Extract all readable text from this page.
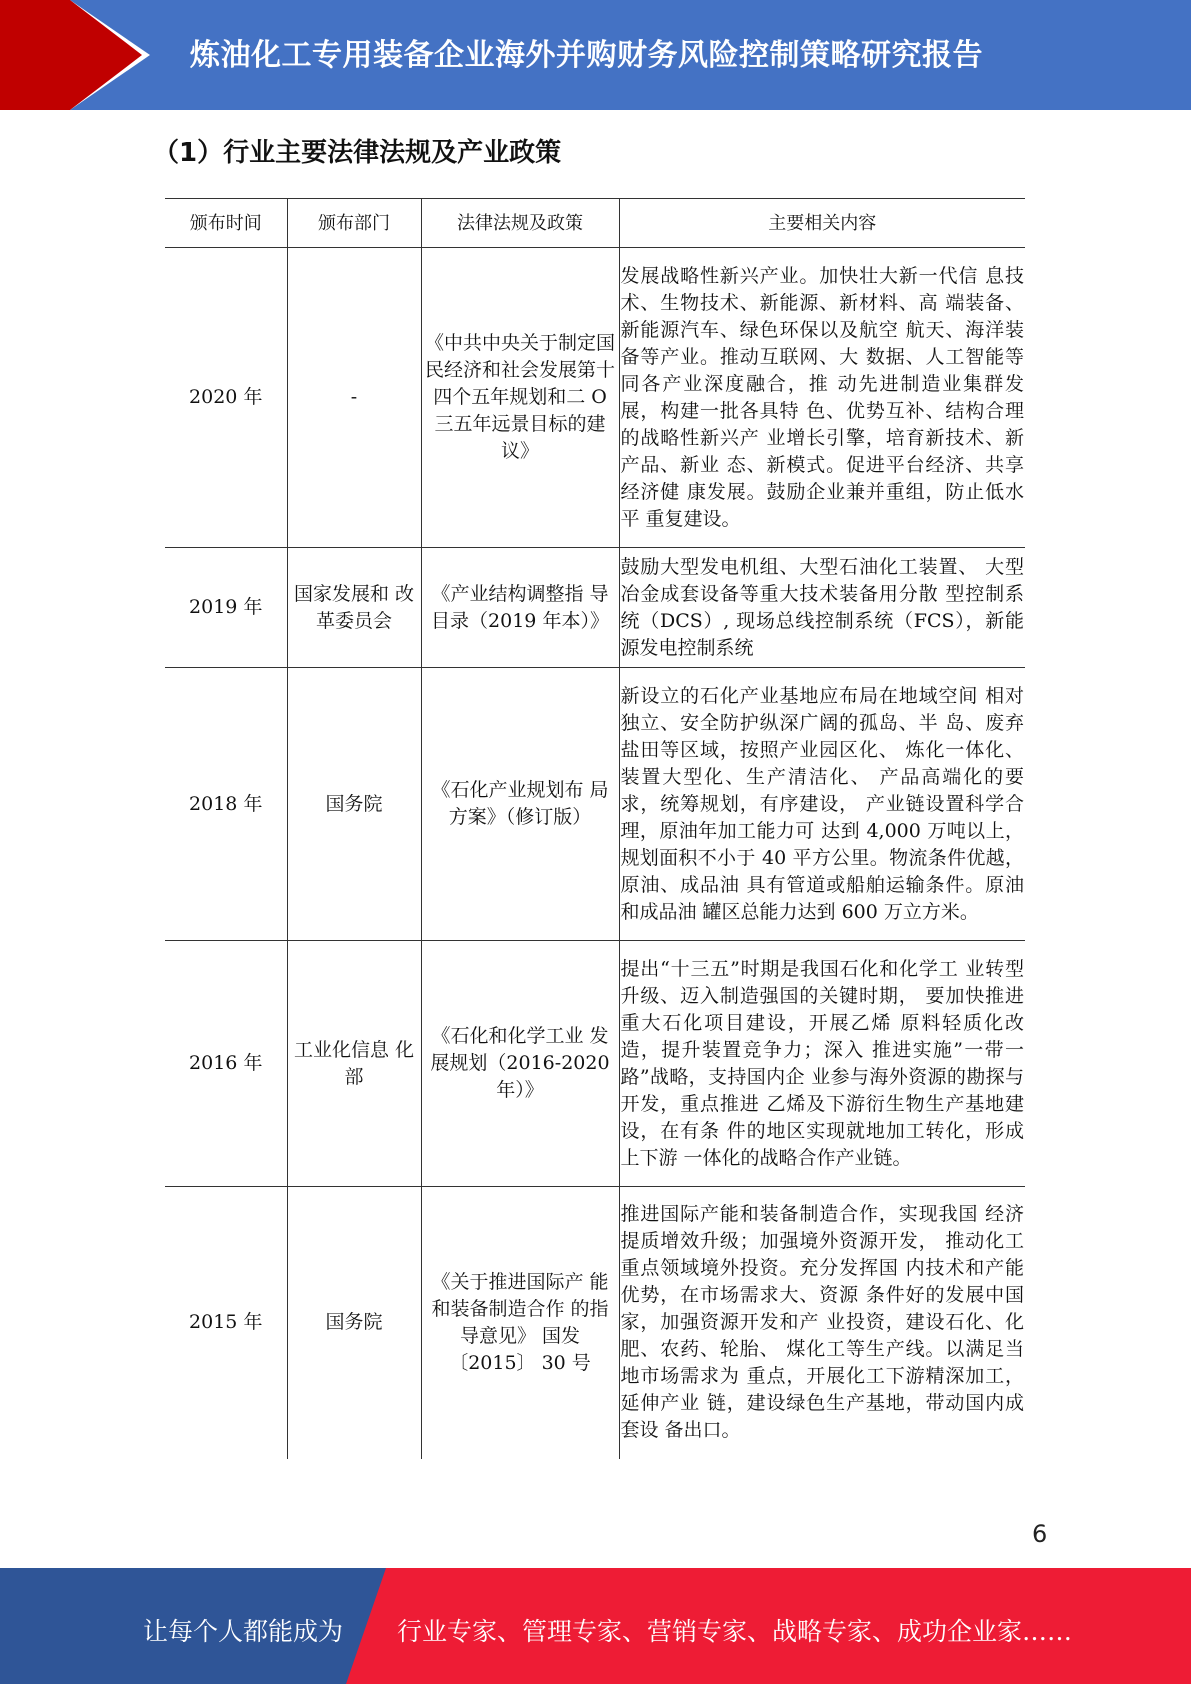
炼油化工专用装备企业海外并购财务风险控制策略研究报告
（1）行业主要法律法规及产业政策
颁布时间	颁布部门	法律法规及政策	主要相关内容
2020 年	-	《中共中央关于制定国民经济和社会发展第十四个五年规划和二 O 三五年远景目标的建议》	发展战略性新兴产业。加快壮大新一代信 息技术、生物技术、新能源、新材料、高 端装备、新能源汽车、绿色环保以及航空 航天、海洋装备等产业。推动互联网、大 数据、人工智能等同各产业深度融合，推 动先进制造业集群发展，构建一批各具特 色、优势互补、结构合理的战略性新兴产 业增长引擎，培育新技术、新产品、新业 态、新模式。促进平台经济、共享经济健 康发展。鼓励企业兼并重组，防止低水平 重复建设。
2019 年	国家发展和 改革委员会	《产业结构调整指 导目录（2019 年本）》	鼓励大型发电机组、大型石油化工装置、 大型冶金成套设备等重大技术装备用分散 型控制系统（DCS）, 现场总线控制系统（FCS），新能源发电控制系统
2018 年	国务院	《石化产业规划布 局方案》（修订版）	新设立的石化产业基地应布局在地域空间 相对独立、安全防护纵深广阔的孤岛、半 岛、废弃盐田等区域，按照产业园区化、 炼化一体化、装置大型化、生产清洁化、 产品高端化的要求，统筹规划，有序建设， 产业链设置科学合理，原油年加工能力可 达到 4,000 万吨以上，规划面积不小于 40 平方公里。物流条件优越，原油、成品油 具有管道或船舶运输条件。原油和成品油 罐区总能力达到 600 万立方米。
2016 年	工业化信息 化部	《石化和化学工业 发展规划（2016-2020 年）》	提出“十三五”时期是我国石化和化学工 业转型升级、迈入制造强国的关键时期， 要加快推进重大石化项目建设，开展乙烯 原料轻质化改造，提升装置竞争力；深入 推进实施”一带一路”战略，支持国内企 业参与海外资源的勘探与开发，重点推进 乙烯及下游衍生物生产基地建设，在有条 件的地区实现就地加工转化，形成上下游 一体化的战略合作产业链。
2015 年	国务院	《关于推进国际产 能和装备制造合作 的指导意见》 国发〔2015〕 30 号	推进国际产能和装备制造合作，实现我国 经济提质增效升级；加强境外资源开发， 推动化工重点领域境外投资。充分发挥国 内技术和产能优势，在市场需求大、资源 条件好的发展中国家，加强资源开发和产 业投资，建设石化、化肥、农药、轮胎、 煤化工等生产线。以满足当地市场需求为 重点，开展化工下游精深加工，延伸产业 链，建设绿色生产基地，带动国内成套设 备出口。
6
让每个人都能成为 行业专家、管理专家、营销专家、战略专家、成功企业家……
